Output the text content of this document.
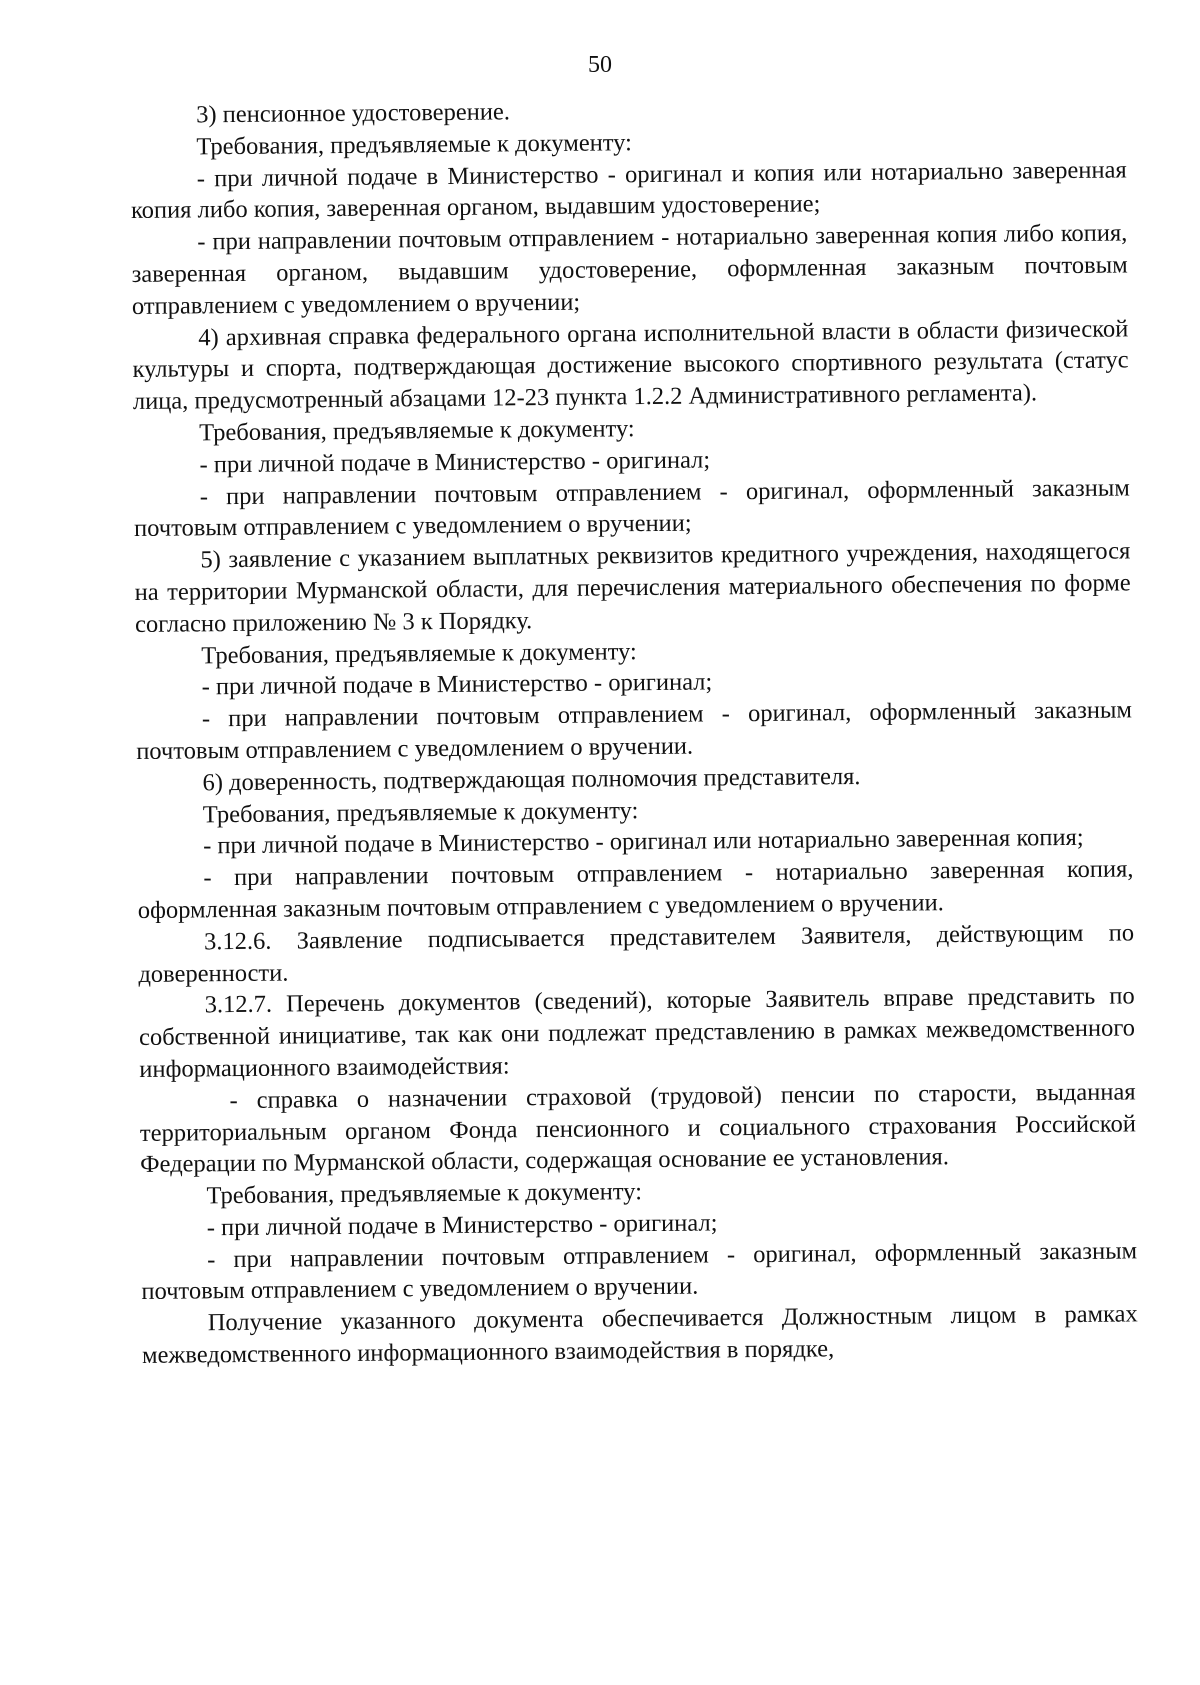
50

3) пенсионное удостоверение.

Требования, предъявляемые к документу:

- при личной подаче в Министерство - оригинал и копия или нотариально заверенная копия либо копия, заверенная органом, выдавшим удостоверение;

- при направлении почтовым отправлением - нотариально заверенная копия либо копия, заверенная органом, выдавшим удостоверение, оформленная заказным почтовым отправлением с уведомлением о вручении;

4) архивная справка федерального органа исполнительной власти в области физической культуры и спорта, подтверждающая достижение высокого спортивного результата (статус лица, предусмотренный абзацами 12-23 пункта 1.2.2 Административного регламента).

Требования, предъявляемые к документу:

- при личной подаче в Министерство - оригинал;

- при направлении почтовым отправлением - оригинал, оформленный заказным почтовым отправлением с уведомлением о вручении;

5) заявление с указанием выплатных реквизитов кредитного учреждения, находящегося на территории Мурманской области, для перечисления материального обеспечения по форме согласно приложению № 3 к Порядку.

Требования, предъявляемые к документу:

- при личной подаче в Министерство - оригинал;

- при направлении почтовым отправлением - оригинал, оформленный заказным почтовым отправлением с уведомлением о вручении.

6) доверенность, подтверждающая полномочия представителя.

Требования, предъявляемые к документу:

- при личной подаче в Министерство - оригинал или нотариально заверенная копия;

- при направлении почтовым отправлением - нотариально заверенная копия, оформленная заказным почтовым отправлением с уведомлением о вручении.

3.12.6. Заявление подписывается представителем Заявителя, действующим по доверенности.

3.12.7. Перечень документов (сведений), которые Заявитель вправе представить по собственной инициативе, так как они подлежат представлению в рамках межведомственного информационного взаимодействия:

- справка о назначении страховой (трудовой) пенсии по старости, выданная территориальным органом Фонда пенсионного и социального страхования Российской Федерации по Мурманской области, содержащая основание ее установления.

Требования, предъявляемые к документу:

- при личной подаче в Министерство - оригинал;

- при направлении почтовым отправлением - оригинал, оформленный заказным почтовым отправлением с уведомлением о вручении.

Получение указанного документа обеспечивается Должностным лицом в рамках межведомственного информационного взаимодействия в порядке,
